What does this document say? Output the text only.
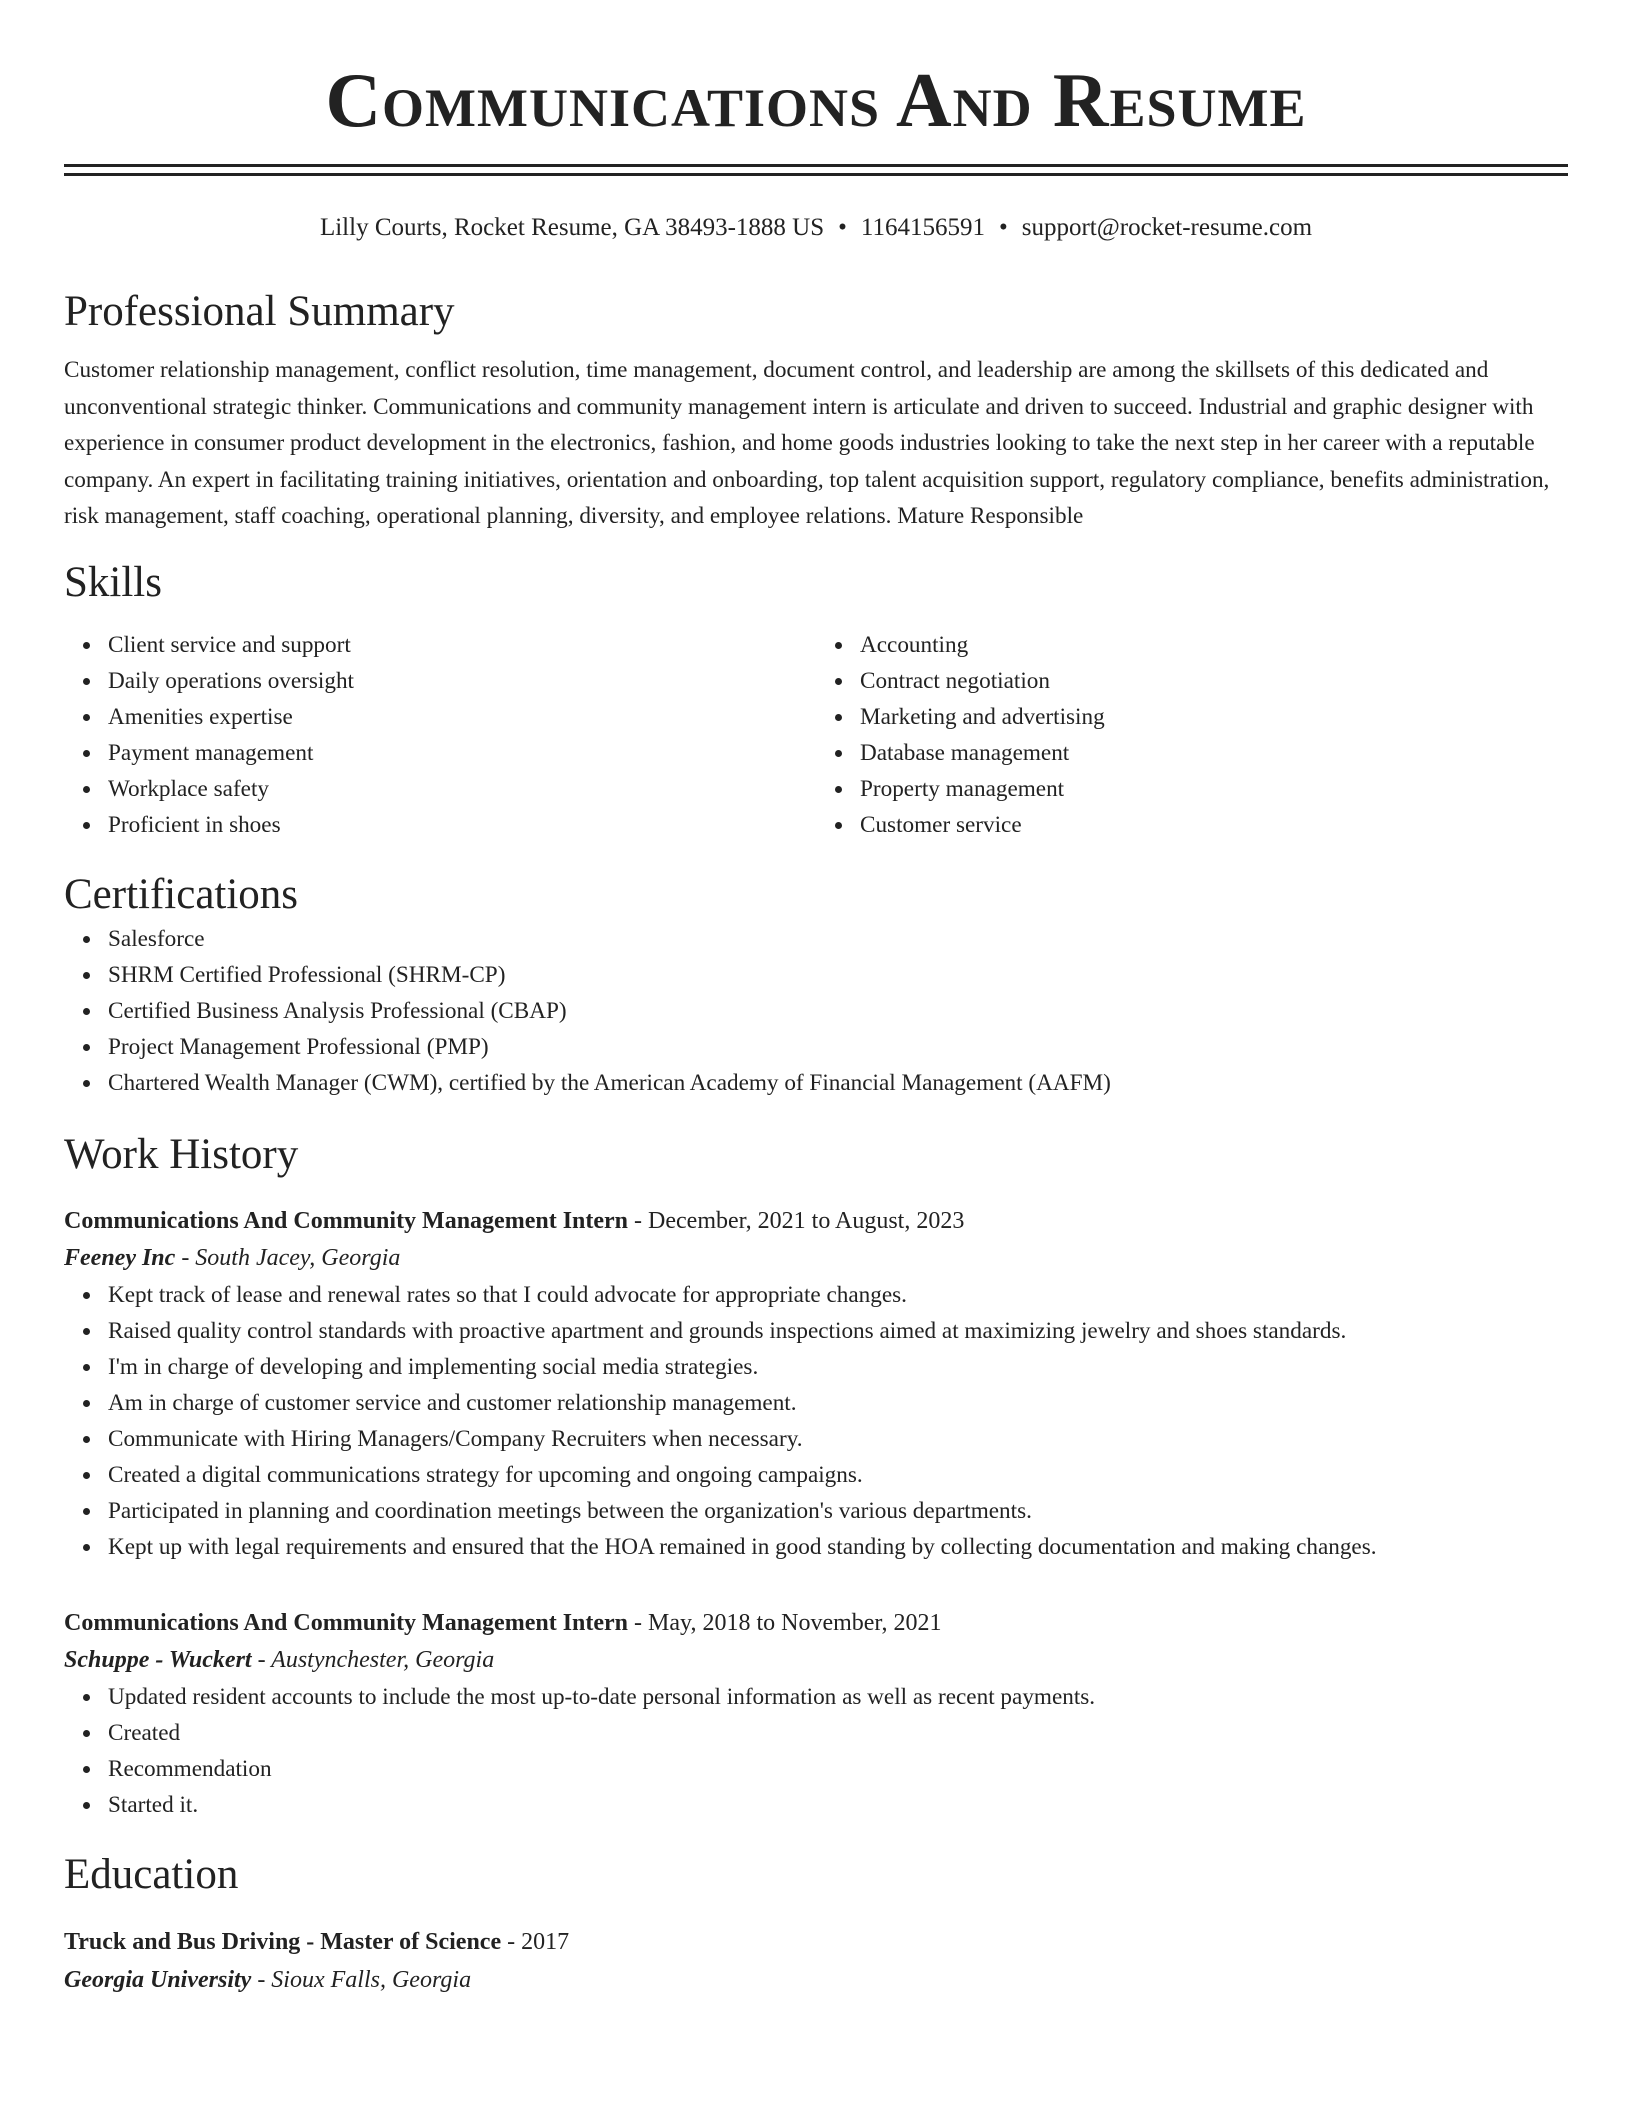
Communications And Resume
Lilly Courts, Rocket Resume, GA 38493-1888 US • 1164156591 • support@rocket-resume.com
Professional Summary

Customer relationship management, conflict resolution, time management, document control, and leadership are among the skillsets of this dedicated and unconventional strategic thinker. Communications and community management intern is articulate and driven to succeed. Industrial and graphic designer with experience in consumer product development in the electronics, fashion, and home goods industries looking to take the next step in her career with a reputable company. An expert in facilitating training initiatives, orientation and onboarding, top talent acquisition support, regulatory compliance, benefits administration, risk management, staff coaching, operational planning, diversity, and employee relations. Mature Responsible

Skills
Client service and support
Daily operations oversight
Amenities expertise
Payment management
Workplace safety
Proficient in shoes
Accounting
Contract negotiation
Marketing and advertising
Database management
Property management
Customer service
Certifications
Salesforce
SHRM Certified Professional (SHRM-CP)
Certified Business Analysis Professional (CBAP)
Project Management Professional (PMP)
Chartered Wealth Manager (CWM), certified by the American Academy of Financial Management (AAFM)
Work History
Communications And Community Management Intern - December, 2021 to August, 2023
Feeney Inc - South Jacey, Georgia
Kept track of lease and renewal rates so that I could advocate for appropriate changes.
Raised quality control standards with proactive apartment and grounds inspections aimed at maximizing jewelry and shoes standards.
I'm in charge of developing and implementing social media strategies.
Am in charge of customer service and customer relationship management.
Communicate with Hiring Managers/Company Recruiters when necessary.
Created a digital communications strategy for upcoming and ongoing campaigns.
Participated in planning and coordination meetings between the organization's various departments.
Kept up with legal requirements and ensured that the HOA remained in good standing by collecting documentation and making changes.
Communications And Community Management Intern - May, 2018 to November, 2021
Schuppe - Wuckert - Austynchester, Georgia
Updated resident accounts to include the most up-to-date personal information as well as recent payments.
Created
Recommendation
Started it.
Education
Truck and Bus Driving - Master of Science - 2017
Georgia University - Sioux Falls, Georgia
